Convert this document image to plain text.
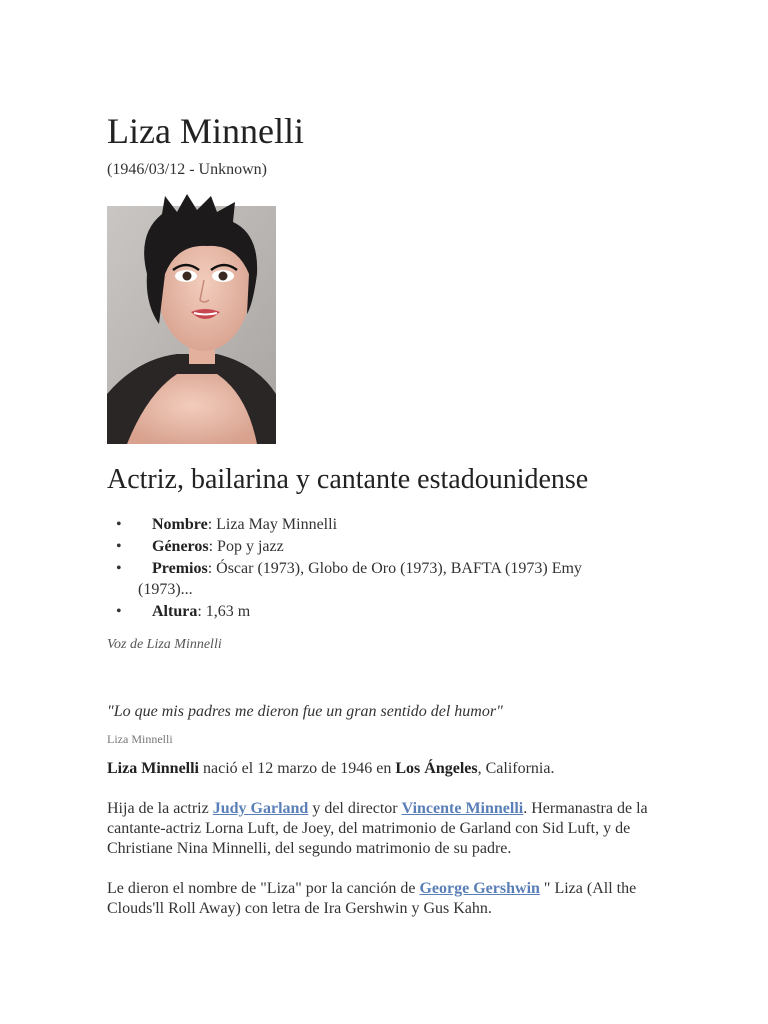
Liza Minnelli
(1946/03/12 - Unknown)
Actriz, bailarina y cantante estadounidense
• Nombre: Liza May Minnelli
• Géneros: Pop y jazz
• Premios: Óscar (1973), Globo de Oro (1973), BAFTA (1973) Emy (1973)...
• Altura: 1,63 m
Voz de Liza Minnelli
"Lo que mis padres me dieron fue un gran sentido del humor"
Liza Minnelli

Liza Minnelli nació el 12 marzo de 1946 en Los Ángeles, California.

Hija de la actriz Judy Garland y del director Vincente Minnelli. Hermanastra de la cantante-actriz Lorna Luft, de Joey, del matrimonio de Garland con Sid Luft, y de Christiane Nina Minnelli, del segundo matrimonio de su padre.

Le dieron el nombre de "Liza" por la canción de George Gershwin " Liza (All the Clouds'll Roll Away) con letra de Ira Gershwin y Gus Kahn.
